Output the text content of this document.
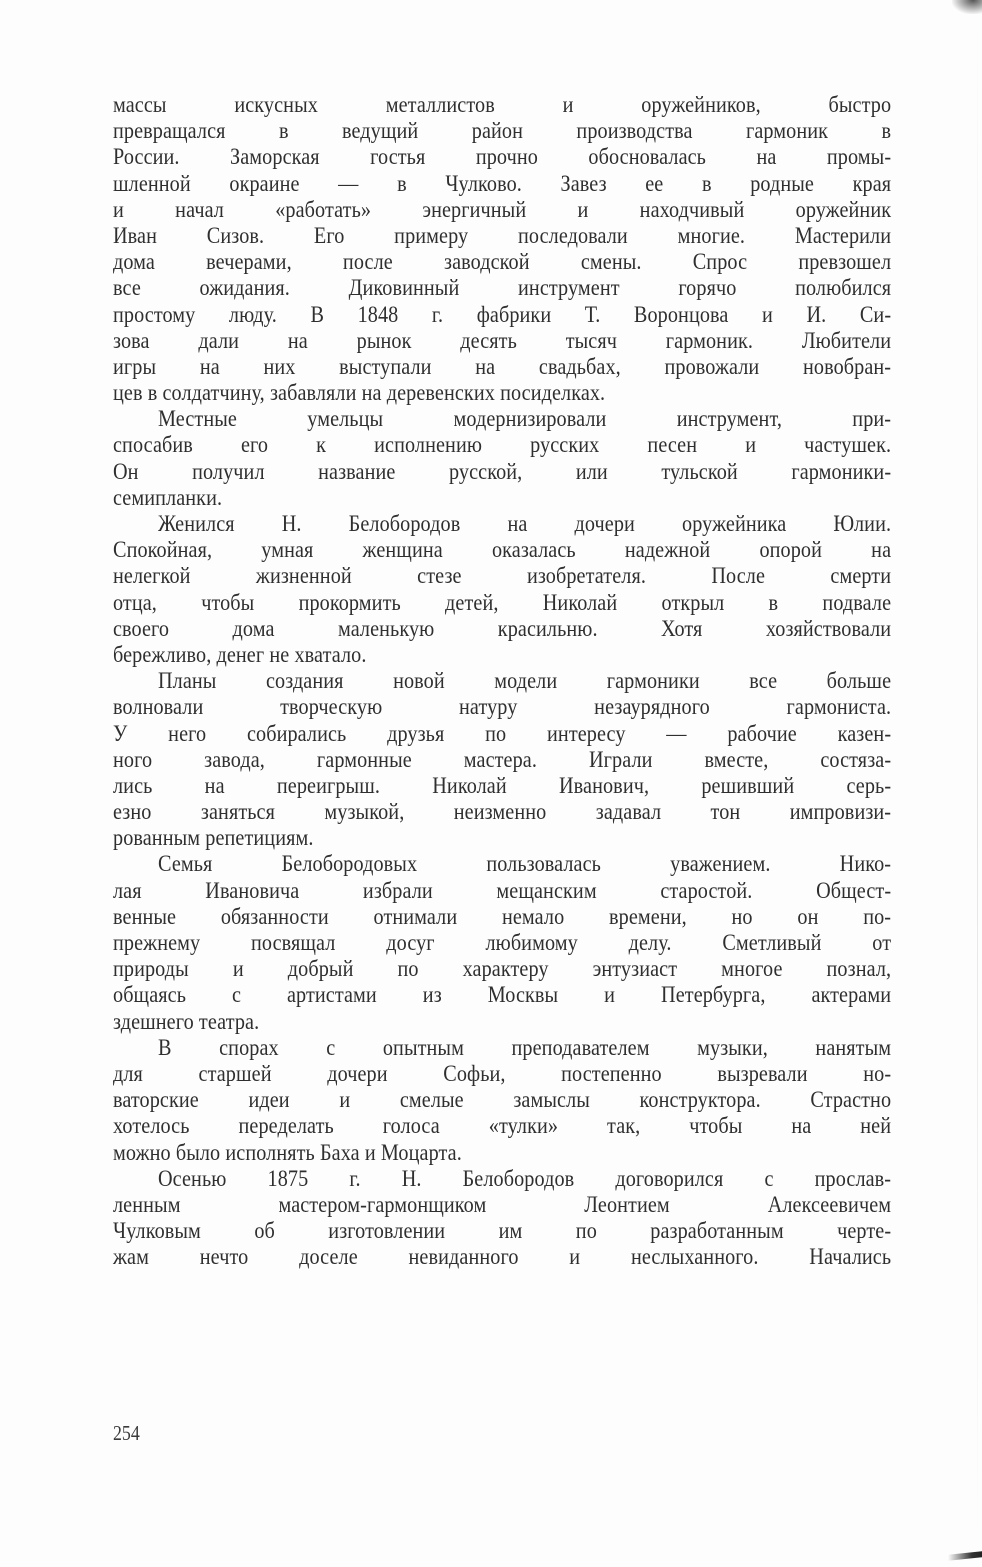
массы искусных металлистов и оружейников, быстро
превращался в ведущий район производства гармоник в
России. Заморская гостья прочно обосновалась на промы-
шленной окраине — в Чулково. Завез ее в родные края
и начал «работать» энергичный и находчивый оружейник
Иван Сизов. Его примеру последовали многие. Мастерили
дома вечерами, после заводской смены. Спрос превзошел
все ожидания. Диковинный инструмент горячо полюбился
простому люду. В 1848 г. фабрики Т. Воронцова и И. Си-
зова дали на рынок десять тысяч гармоник. Любители
игры на них выступали на свадьбах, провожали новобран-
цев в солдатчину, забавляли на деревенских посиделках.
Местные умельцы модернизировали инструмент, при-
спосабив его к исполнению русских песен и частушек.
Он получил название русской, или тульской гармоники-
семипланки.
Женился Н. Белобородов на дочери оружейника Юлии.
Спокойная, умная женщина оказалась надежной опорой на
нелегкой жизненной стезе изобретателя. После смерти
отца, чтобы прокормить детей, Николай открыл в подвале
своего дома маленькую красильню. Хотя хозяйствовали
бережливо, денег не хватало.
Планы создания новой модели гармоники все больше
волновали творческую натуру незаурядного гармониста.
У него собирались друзья по интересу — рабочие казен-
ного завода, гармонные мастера. Играли вместе, состяза-
лись на переигрыш. Николай Иванович, решивший серь-
езно заняться музыкой, неизменно задавал тон импровизи-
рованным репетициям.
Семья Белобородовых пользовалась уважением. Нико-
лая Ивановича избрали мещанским старостой. Общест-
венные обязанности отнимали немало времени, но он по-
прежнему посвящал досуг любимому делу. Сметливый от
природы и добрый по характеру энтузиаст многое познал,
общаясь с артистами из Москвы и Петербурга, актерами
здешнего театра.
В спорах с опытным преподавателем музыки, нанятым
для старшей дочери Софьи, постепенно вызревали но-
ваторские идеи и смелые замыслы конструктора. Страстно
хотелось переделать голоса «тулки» так, чтобы на ней
можно было исполнять Баха и Моцарта.
Осенью 1875 г. Н. Белобородов договорился с прослав-
ленным мастером-гармонщиком Леонтием Алексеевичем
Чулковым об изготовлении им по разработанным черте-
жам нечто доселе невиданного и неслыханного. Начались
254
